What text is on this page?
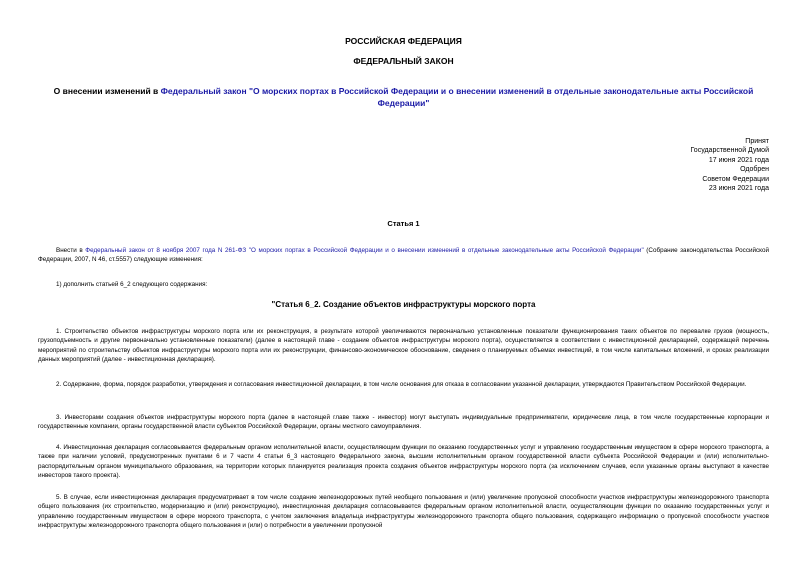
РОССИЙСКАЯ ФЕДЕРАЦИЯ
ФЕДЕРАЛЬНЫЙ ЗАКОН
О внесении изменений в Федеральный закон "О морских портах в Российской Федерации и о внесении изменений в отдельные законодательные акты Российской Федерации"
Принят
Государственной Думой
17 июня 2021 года
Одобрен
Советом Федерации
23 июня 2021 года
Статья 1
Внести в Федеральный закон от 8 ноября 2007 года N 261-ФЗ "О морских портах в Российской Федерации и о внесении изменений в отдельные законодательные акты Российской Федерации" (Собрание законодательства Российской Федерации, 2007, N 46, ст.5557) следующие изменения:
1) дополнить статьей 6_2 следующего содержания:
"Статья 6_2. Создание объектов инфраструктуры морского порта
1. Строительство объектов инфраструктуры морского порта или их реконструкция, в результате которой увеличиваются первоначально установленные показатели функционирования таких объектов по перевалке грузов (мощность, грузоподъемность и другие первоначально установленные показатели) (далее в настоящей главе - создание объектов инфраструктуры морского порта), осуществляется в соответствии с инвестиционной декларацией, содержащей перечень мероприятий по строительству объектов инфраструктуры морского порта или их реконструкции, финансово-экономическое обоснование, сведения о планируемых объемах инвестиций, в том числе капитальных вложений, и сроках реализации данных мероприятий (далее - инвестиционная декларация).
2. Содержание, форма, порядок разработки, утверждения и согласования инвестиционной декларации, в том числе основания для отказа в согласовании указанной декларации, утверждаются Правительством Российской Федерации.
3. Инвесторами создания объектов инфраструктуры морского порта (далее в настоящей главе также - инвестор) могут выступать индивидуальные предприниматели, юридические лица, в том числе государственные корпорации и государственные компании, органы государственной власти субъектов Российской Федерации, органы местного самоуправления.
4. Инвестиционная декларация согласовывается федеральным органом исполнительной власти, осуществляющим функции по оказанию государственных услуг и управлению государственным имуществом в сфере морского транспорта, а также при наличии условий, предусмотренных пунктами 6 и 7 части 4 статьи 6_3 настоящего Федерального закона, высшим исполнительным органом государственной власти субъекта Российской Федерации и (или) исполнительно-распорядительным органом муниципального образования, на территории которых планируется реализация проекта создания объектов инфраструктуры морского порта (за исключением случаев, если указанные органы выступают в качестве инвесторов такого проекта).
5. В случае, если инвестиционная декларация предусматривает в том числе создание железнодорожных путей необщего пользования и (или) увеличение пропускной способности участков инфраструктуры железнодорожного транспорта общего пользования (их строительство, модернизацию и (или) реконструкцию), инвестиционная декларация согласовывается федеральным органом исполнительной власти, осуществляющим функции по оказанию государственных услуг и управлению государственным имуществом в сфере морского транспорта, с учетом заключения владельца инфраструктуры железнодорожного транспорта общего пользования, содержащего информацию о пропускной способности участков инфраструктуры железнодорожного транспорта общего пользования и (или) о потребности в увеличении пропускной
